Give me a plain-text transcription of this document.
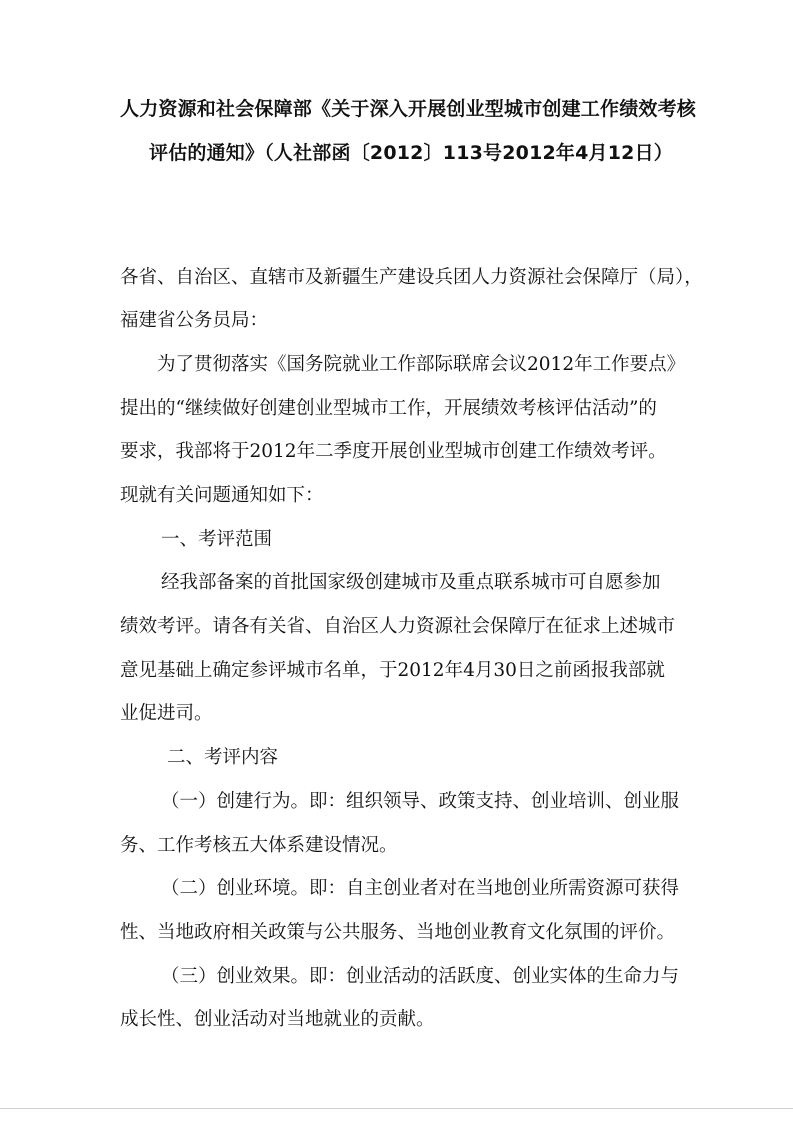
人力资源和社会保障部《关于深入开展创业型城市创建工作绩效考核
评估的通知》（人社部函〔2012〕113号2012年4月12日）
各省、自治区、直辖市及新疆生产建设兵团人力资源社会保障厅（局），
福建省公务员局：
为了贯彻落实《国务院就业工作部际联席会议2012年工作要点》
提出的“继续做好创建创业型城市工作，开展绩效考核评估活动”的
要求，我部将于2012年二季度开展创业型城市创建工作绩效考评。
现就有关问题通知如下：
一、考评范围
经我部备案的首批国家级创建城市及重点联系城市可自愿参加
绩效考评。请各有关省、自治区人力资源社会保障厅在征求上述城市
意见基础上确定参评城市名单，于2012年4月30日之前函报我部就
业促进司。
二、考评内容
（一）创建行为。即：组织领导、政策支持、创业培训、创业服
务、工作考核五大体系建设情况。
（二）创业环境。即：自主创业者对在当地创业所需资源可获得
性、当地政府相关政策与公共服务、当地创业教育文化氛围的评价。
（三）创业效果。即：创业活动的活跃度、创业实体的生命力与
成长性、创业活动对当地就业的贡献。
